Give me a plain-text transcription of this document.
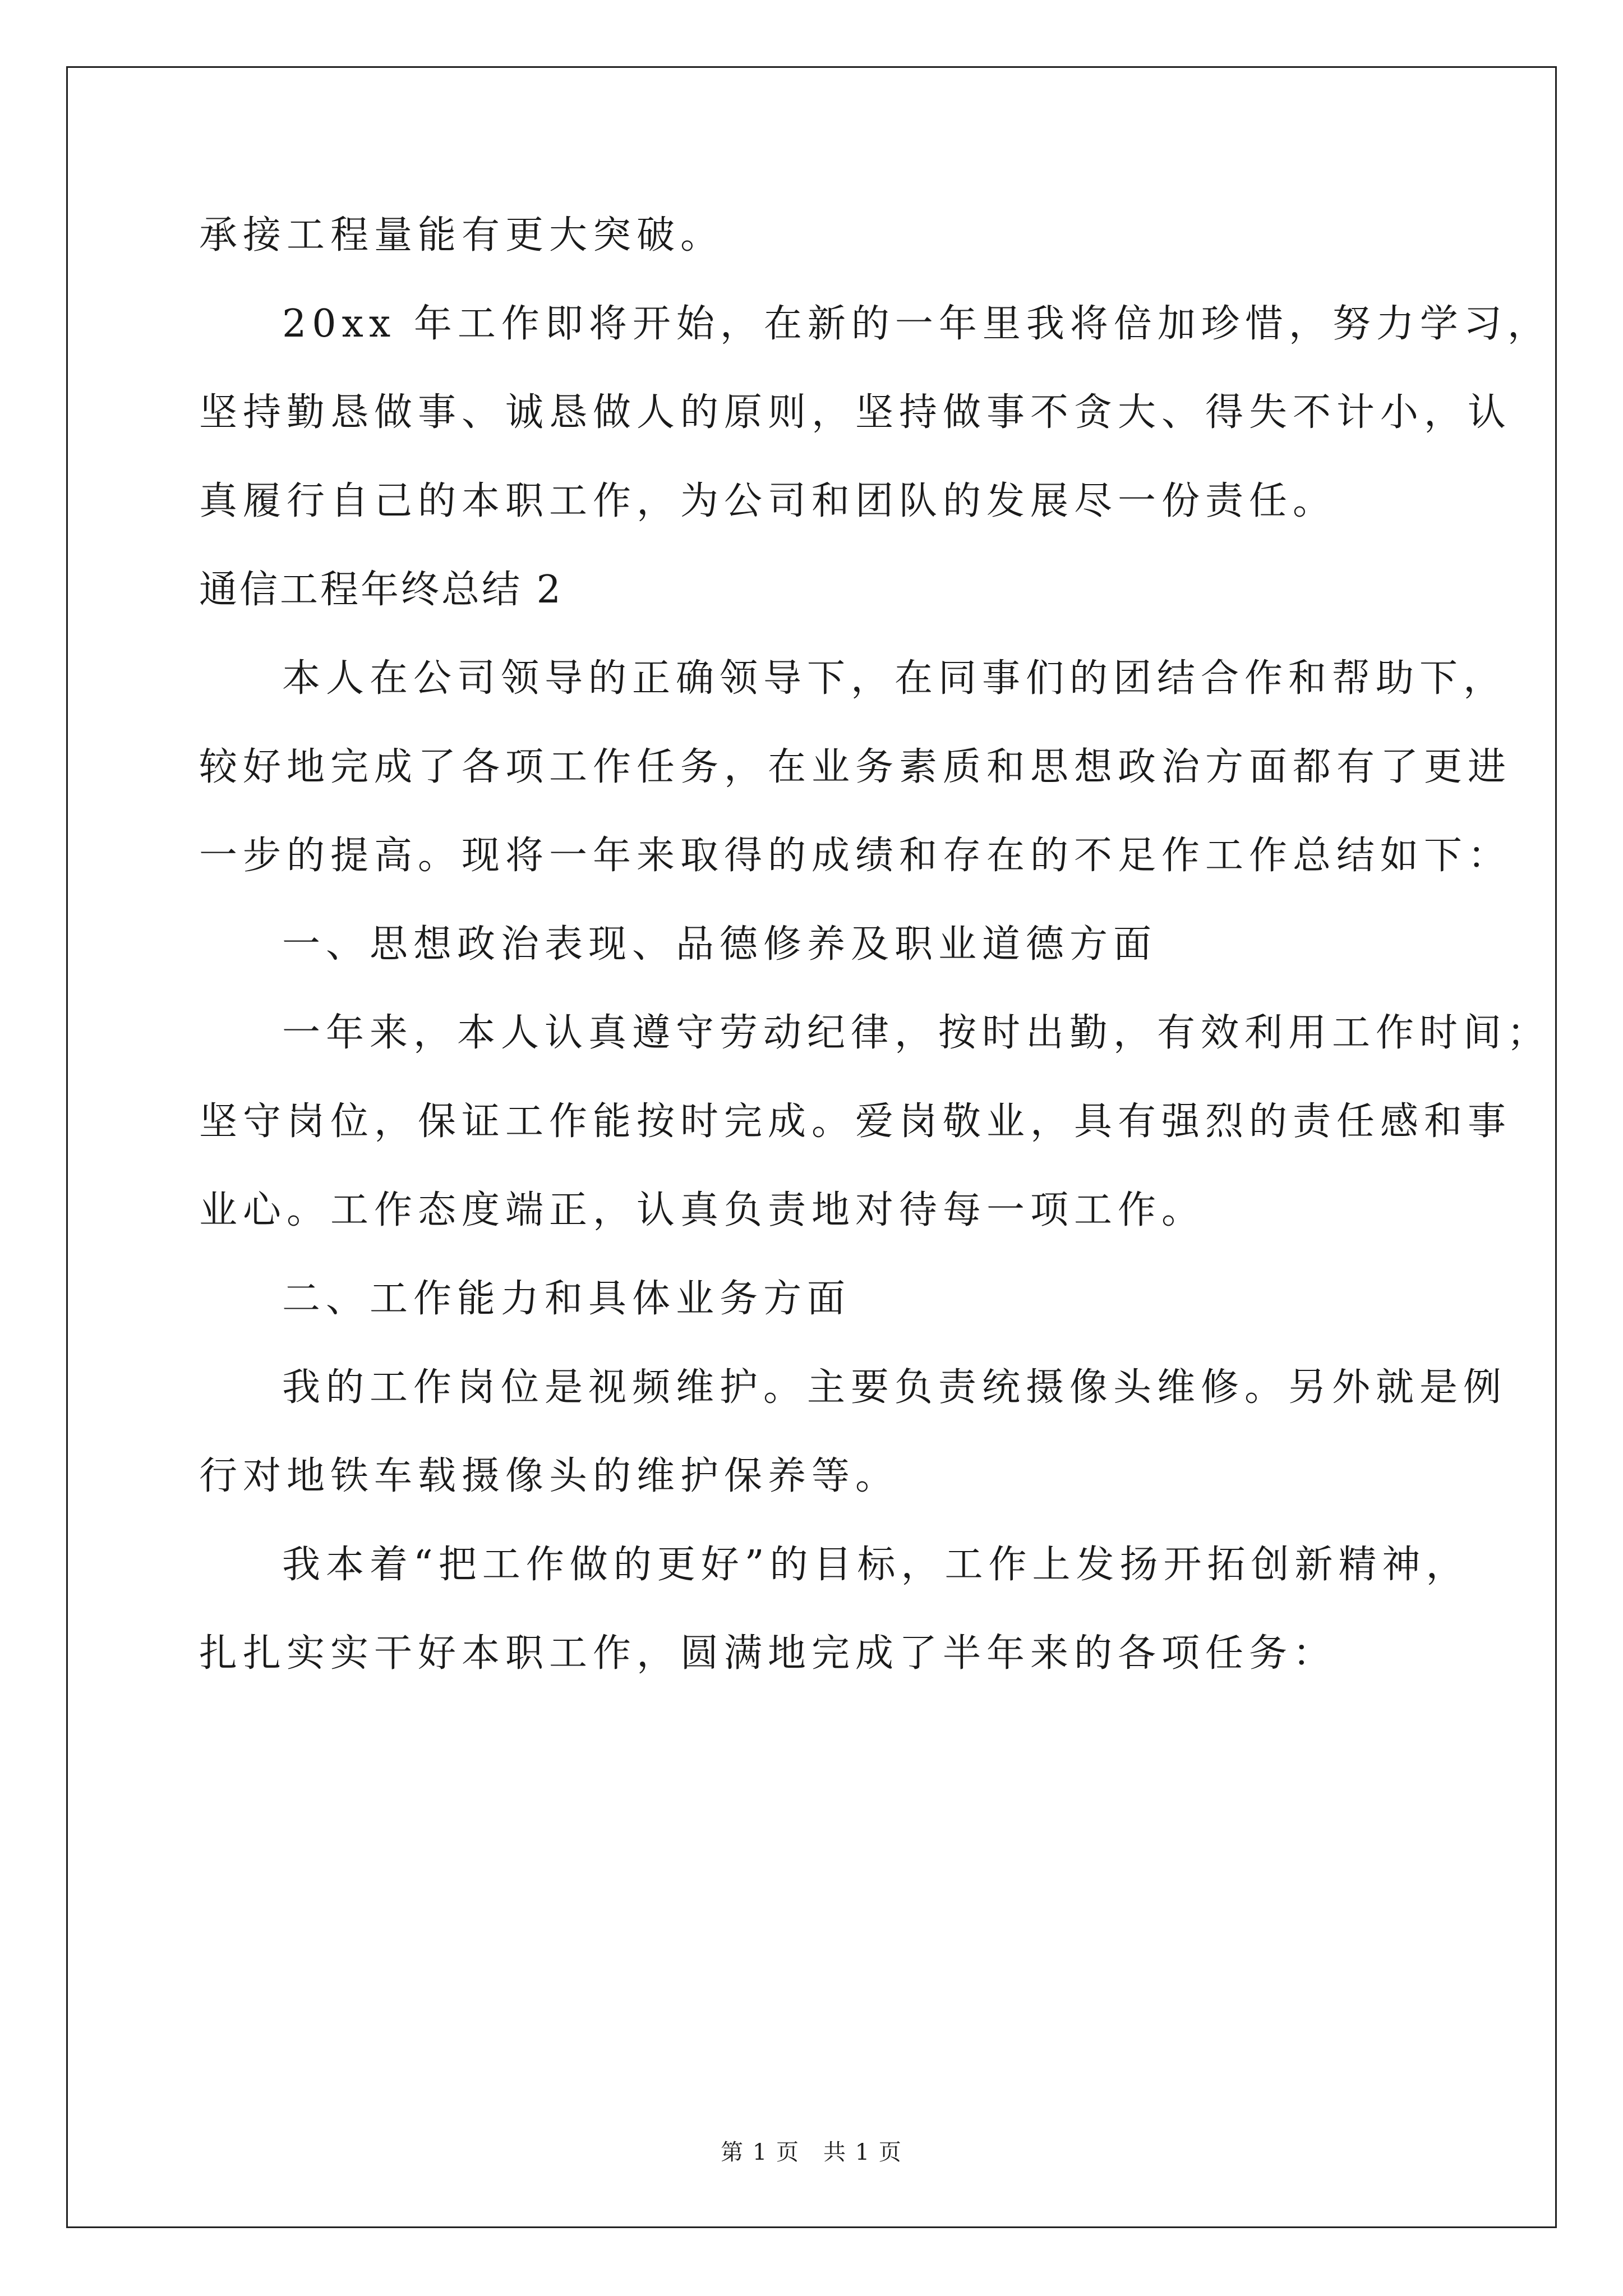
承接工程量能有更大突破。
20xx 年工作即将开始，在新的一年里我将倍加珍惜，努力学习，
坚持勤恳做事、诚恳做人的原则，坚持做事不贪大、得失不计小，认
真履行自己的本职工作，为公司和团队的发展尽一份责任。
通信工程年终总结 2
本人在公司领导的正确领导下，在同事们的团结合作和帮助下，
较好地完成了各项工作任务，在业务素质和思想政治方面都有了更进
一步的提高。现将一年来取得的成绩和存在的不足作工作总结如下：
一、思想政治表现、品德修养及职业道德方面
一年来，本人认真遵守劳动纪律，按时出勤，有效利用工作时间；
坚守岗位，保证工作能按时完成。爱岗敬业，具有强烈的责任感和事
业心。工作态度端正，认真负责地对待每一项工作。
二、工作能力和具体业务方面
我的工作岗位是视频维护。主要负责统摄像头维修。另外就是例
行对地铁车载摄像头的维护保养等。
我本着“把工作做的更好”的目标，工作上发扬开拓创新精神，
扎扎实实干好本职工作，圆满地完成了半年来的各项任务：
第 1 页　共 1 页
